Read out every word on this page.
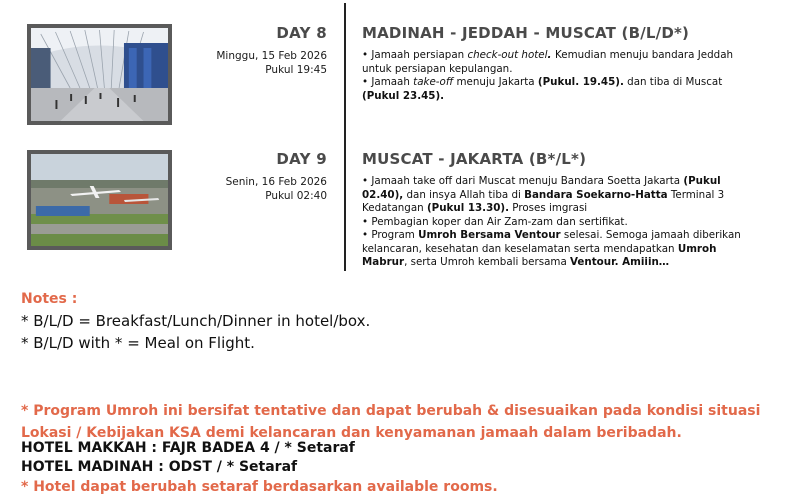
DAY 8
Minggu, 15 Feb 2026
Pukul 19:45
MADINAH - JEDDAH - MUSCAT (B/L/D*)

• Jamaah persiapan check-out hotel. Kemudian menuju bandara Jeddah untuk persiapan kepulangan.

• Jamaah take-off menuju Jakarta (Pukul. 19.45). dan tiba di Muscat (Pukul 23.45).

DAY 9
Senin, 16 Feb 2026
Pukul 02:40
MUSCAT - JAKARTA (B*/L*)

• Jamaah take off dari Muscat menuju Bandara Soetta Jakarta (Pukul 02.40), dan insya Allah tiba di Bandara Soekarno-Hatta Terminal 3 Kedatangan (Pukul 13.30). Proses imgrasi

• Pembagian koper dan Air Zam-zam dan sertifikat.

• Program Umroh Bersama Ventour selesai. Semoga jamaah diberikan kelancaran, kesehatan dan keselamatan serta mendapatkan Umroh Mabrur, serta Umroh kembali bersama Ventour. Amiiin…

Notes :
* B/L/D = Breakfast/Lunch/Dinner in hotel/box.
* B/L/D with * = Meal on Flight.
* Program Umroh ini bersifat tentative dan dapat berubah & disesuaikan pada kondisi situasi Lokasi / Kebijakan KSA demi kelancaran dan kenyamanan jamaah dalam beribadah.
HOTEL MAKKAH : FAJR BADEA 4 / * Setaraf
HOTEL MADINAH : ODST / * Setaraf
* Hotel dapat berubah setaraf berdasarkan available rooms.
